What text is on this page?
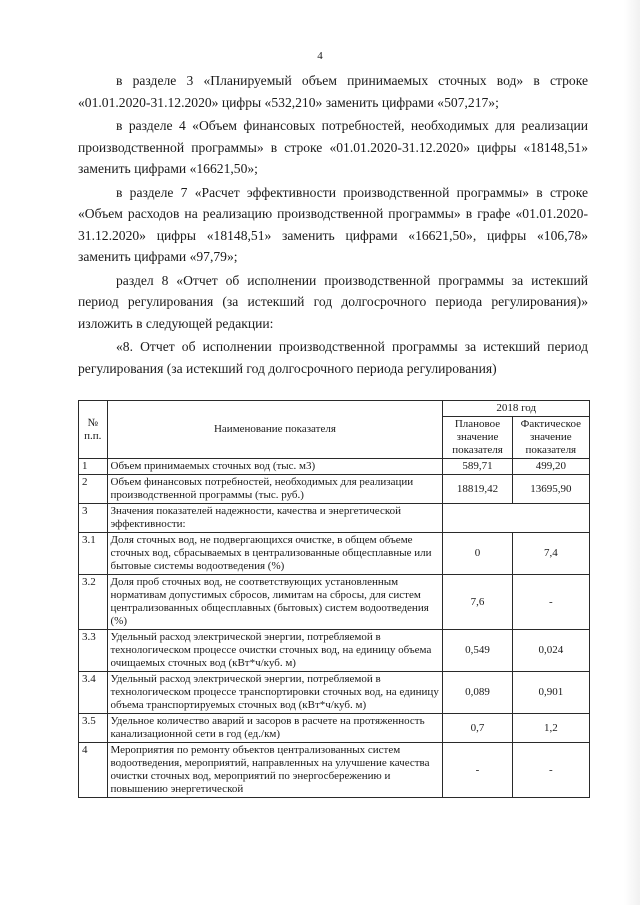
4

в разделе 3 «Планируемый объем принимаемых сточных вод» в строке «01.01.2020-31.12.2020» цифры «532,210» заменить цифрами «507,217»;

в разделе 4 «Объем финансовых потребностей, необходимых для реализации производственной программы» в строке «01.01.2020-31.12.2020» цифры «18148,51» заменить цифрами «16621,50»;

в разделе 7 «Расчет эффективности производственной программы» в строке «Объем расходов на реализацию производственной программы» в графе «01.01.2020-31.12.2020» цифры «18148,51» заменить цифрами «16621,50», цифры «106,78» заменить цифрами «97,79»;

раздел 8 «Отчет об исполнении производственной программы за истекший период регулирования (за истекший год долгосрочного периода регулирования)» изложить в следующей редакции:

«8. Отчет об исполнении производственной программы за истекший период регулирования (за истекший год долгосрочного периода регулирования)

№ п.п.	Наименование показателя	2018 год	
		Плановое значение показателя	Фактическое значение показателя
1	Объем принимаемых сточных вод (тыс. м3)	589,71	499,20
2	Объем финансовых потребностей, необходимых для реализации производственной программы (тыс. руб.)	18819,42	13695,90
3	Значения показателей надежности, качества и энергетической эффективности:		
3.1	Доля сточных вод, не подвергающихся очистке, в общем объеме сточных вод, сбрасываемых в централизованные общесплавные или бытовые системы водоотведения (%)	0	7,4
3.2	Доля проб сточных вод, не соответствующих установленным нормативам допустимых сбросов, лимитам на сбросы, для систем централизованных общесплавных (бытовых) систем водоотведения (%)	7,6	-
3.3	Удельный расход электрической энергии, потребляемой в технологическом процессе очистки сточных вод, на единицу объема очищаемых сточных вод (кВт*ч/куб. м)	0,549	0,024
3.4	Удельный расход электрической энергии, потребляемой в технологическом процессе транспортировки сточных вод, на единицу объема транспортируемых сточных вод (кВт*ч/куб. м)	0,089	0,901
3.5	Удельное количество аварий и засоров в расчете на протяженность канализационной сети в год (ед./км)	0,7	1,2
4	Мероприятия по ремонту объектов централизованных систем водоотведения, мероприятий, направленных на улучшение качества очистки сточных вод, мероприятий по энергосбережению и повышению энергетической	-	-
